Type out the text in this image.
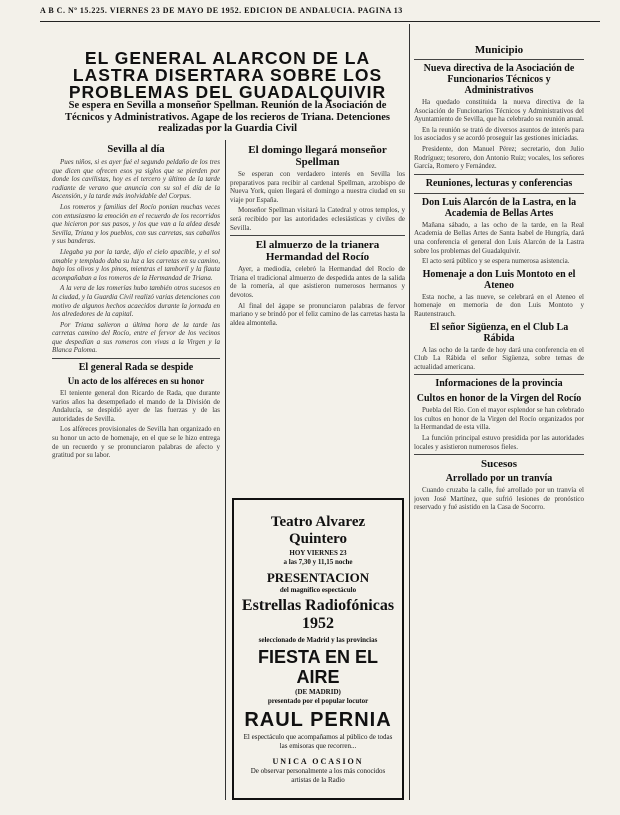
A B C. Nº 15.225. VIERNES 23 DE MAYO DE 1952. EDICION DE ANDALUCIA. PAGINA 13
EL GENERAL ALARCON DE LA LASTRA DISERTARA SOBRE LOS PROBLEMAS DEL GUADALQUIVIR
Se espera en Sevilla a monseñor Spellman. Reunión de la Asociación de Técnicos y Administrativos. Agape de los recieros de Triana. Detenciones realizadas por la Guardia Civil
Sevilla al día

Pues niños, si es ayer fué el segundo peldaño de los tres que dicen que ofrecen esos ya siglos que se pierden por donde los cavilistas, hoy es el tercero y último de la tarde radiante de verano que anuncia con su sol el día de la Ascensión, y la tarde más inolvidable del Corpus.

Los romeros y familias del Rocío ponían muchas veces con entusiasmo la emoción en el recuerdo de los recorridos que hicieron por sus pasos, y los que van a la aldea desde Sevilla, Triana y los pueblos, con sus carretas, sus caballos y sus banderas.

Llegaba ya por la tarde, dijo el cielo apacible, y el sol amable y templado daba su luz a las carretas en su camino, bajo los olivos y los pinos, mientras el tamboril y la flauta acompañaban a los romeros de la Hermandad de Triana.

A la vera de las romerías hubo también otros sucesos en la ciudad, y la Guardia Civil realizó varias detenciones con motivo de algunos hechos acaecidos durante la jornada en los alrededores de la capital.

Por Triana salieron a última hora de la tarde las carretas camino del Rocío, entre el fervor de los vecinos que despedían a sus romeros con vivas a la Virgen y la Blanca Paloma.

El general Rada se despide
Un acto de los alféreces en su honor

El teniente general don Ricardo de Rada, que durante varios años ha desempeñado el mando de la División de Andalucía, se despidió ayer de las fuerzas y de las autoridades de Sevilla.

Los alféreces provisionales de Sevilla han organizado en su honor un acto de homenaje, en el que se le hizo entrega de un recuerdo y se pronunciaron palabras de afecto y gratitud por su labor.

El domingo llegará monseñor Spellman

Se esperan con verdadero interés en Sevilla los preparativos para recibir al cardenal Spellman, arzobispo de Nueva York, quien llegará el domingo a nuestra ciudad en su viaje por España.

Monseñor Spellman visitará la Catedral y otros templos, y será recibido por las autoridades eclesiásticas y civiles de Sevilla.

El almuerzo de la trianera Hermandad del Rocío

Ayer, a mediodía, celebró la Hermandad del Rocío de Triana el tradicional almuerzo de despedida antes de la salida de la romería, al que asistieron numerosos hermanos y devotos.

Al final del ágape se pronunciaron palabras de fervor mariano y se brindó por el feliz camino de las carretas hasta la aldea almonteña.

Teatro Alvarez Quintero
HOY VIERNES 23
a las 7,30 y 11,15 noche
PRESENTACION
del magnífico espectáculo
Estrellas Radiofónicas 1952
seleccionado de Madrid y las provincias
FIESTA EN EL AIRE
(DE MADRID)
presentado por el popular locutor
RAUL PERNIA
El espectáculo que acompañamos al público de todas las emisoras que recorren...
UNICA OCASION
De observar personalmente a los más conocidos artistas de la Radio
Municipio
Nueva directiva de la Asociación de Funcionarios Técnicos y Administrativos

Ha quedado constituida la nueva directiva de la Asociación de Funcionarios Técnicos y Administrativos del Ayuntamiento de Sevilla, que ha celebrado su reunión anual.

En la reunión se trató de diversos asuntos de interés para los asociados y se acordó proseguir las gestiones iniciadas.

Presidente, don Manuel Pérez; secretario, don Julio Rodríguez; tesorero, don Antonio Ruiz; vocales, los señores García, Romero y Fernández.

Reuniones, lecturas y conferencias
Don Luis Alarcón de la Lastra, en la Academia de Bellas Artes

Mañana sábado, a las ocho de la tarde, en la Real Academia de Bellas Artes de Santa Isabel de Hungría, dará una conferencia el general don Luis Alarcón de la Lastra sobre los problemas del Guadalquivir.

El acto será público y se espera numerosa asistencia.

Homenaje a don Luis Montoto en el Ateneo

Esta noche, a las nueve, se celebrará en el Ateneo el homenaje en memoria de don Luis Montoto y Rautenstrauch.

El señor Sigüenza, en el Club La Rábida

A las ocho de la tarde de hoy dará una conferencia en el Club La Rábida el señor Sigüenza, sobre temas de actualidad americana.

Informaciones de la provincia
Cultos en honor de la Virgen del Rocío

Puebla del Río. Con el mayor esplendor se han celebrado los cultos en honor de la Virgen del Rocío organizados por la Hermandad de esta villa.

La función principal estuvo presidida por las autoridades locales y asistieron numerosos fieles.

Sucesos
Arrollado por un tranvía

Cuando cruzaba la calle, fué arrollado por un tranvía el joven José Martínez, que sufrió lesiones de pronóstico reservado y fué asistido en la Casa de Socorro.
